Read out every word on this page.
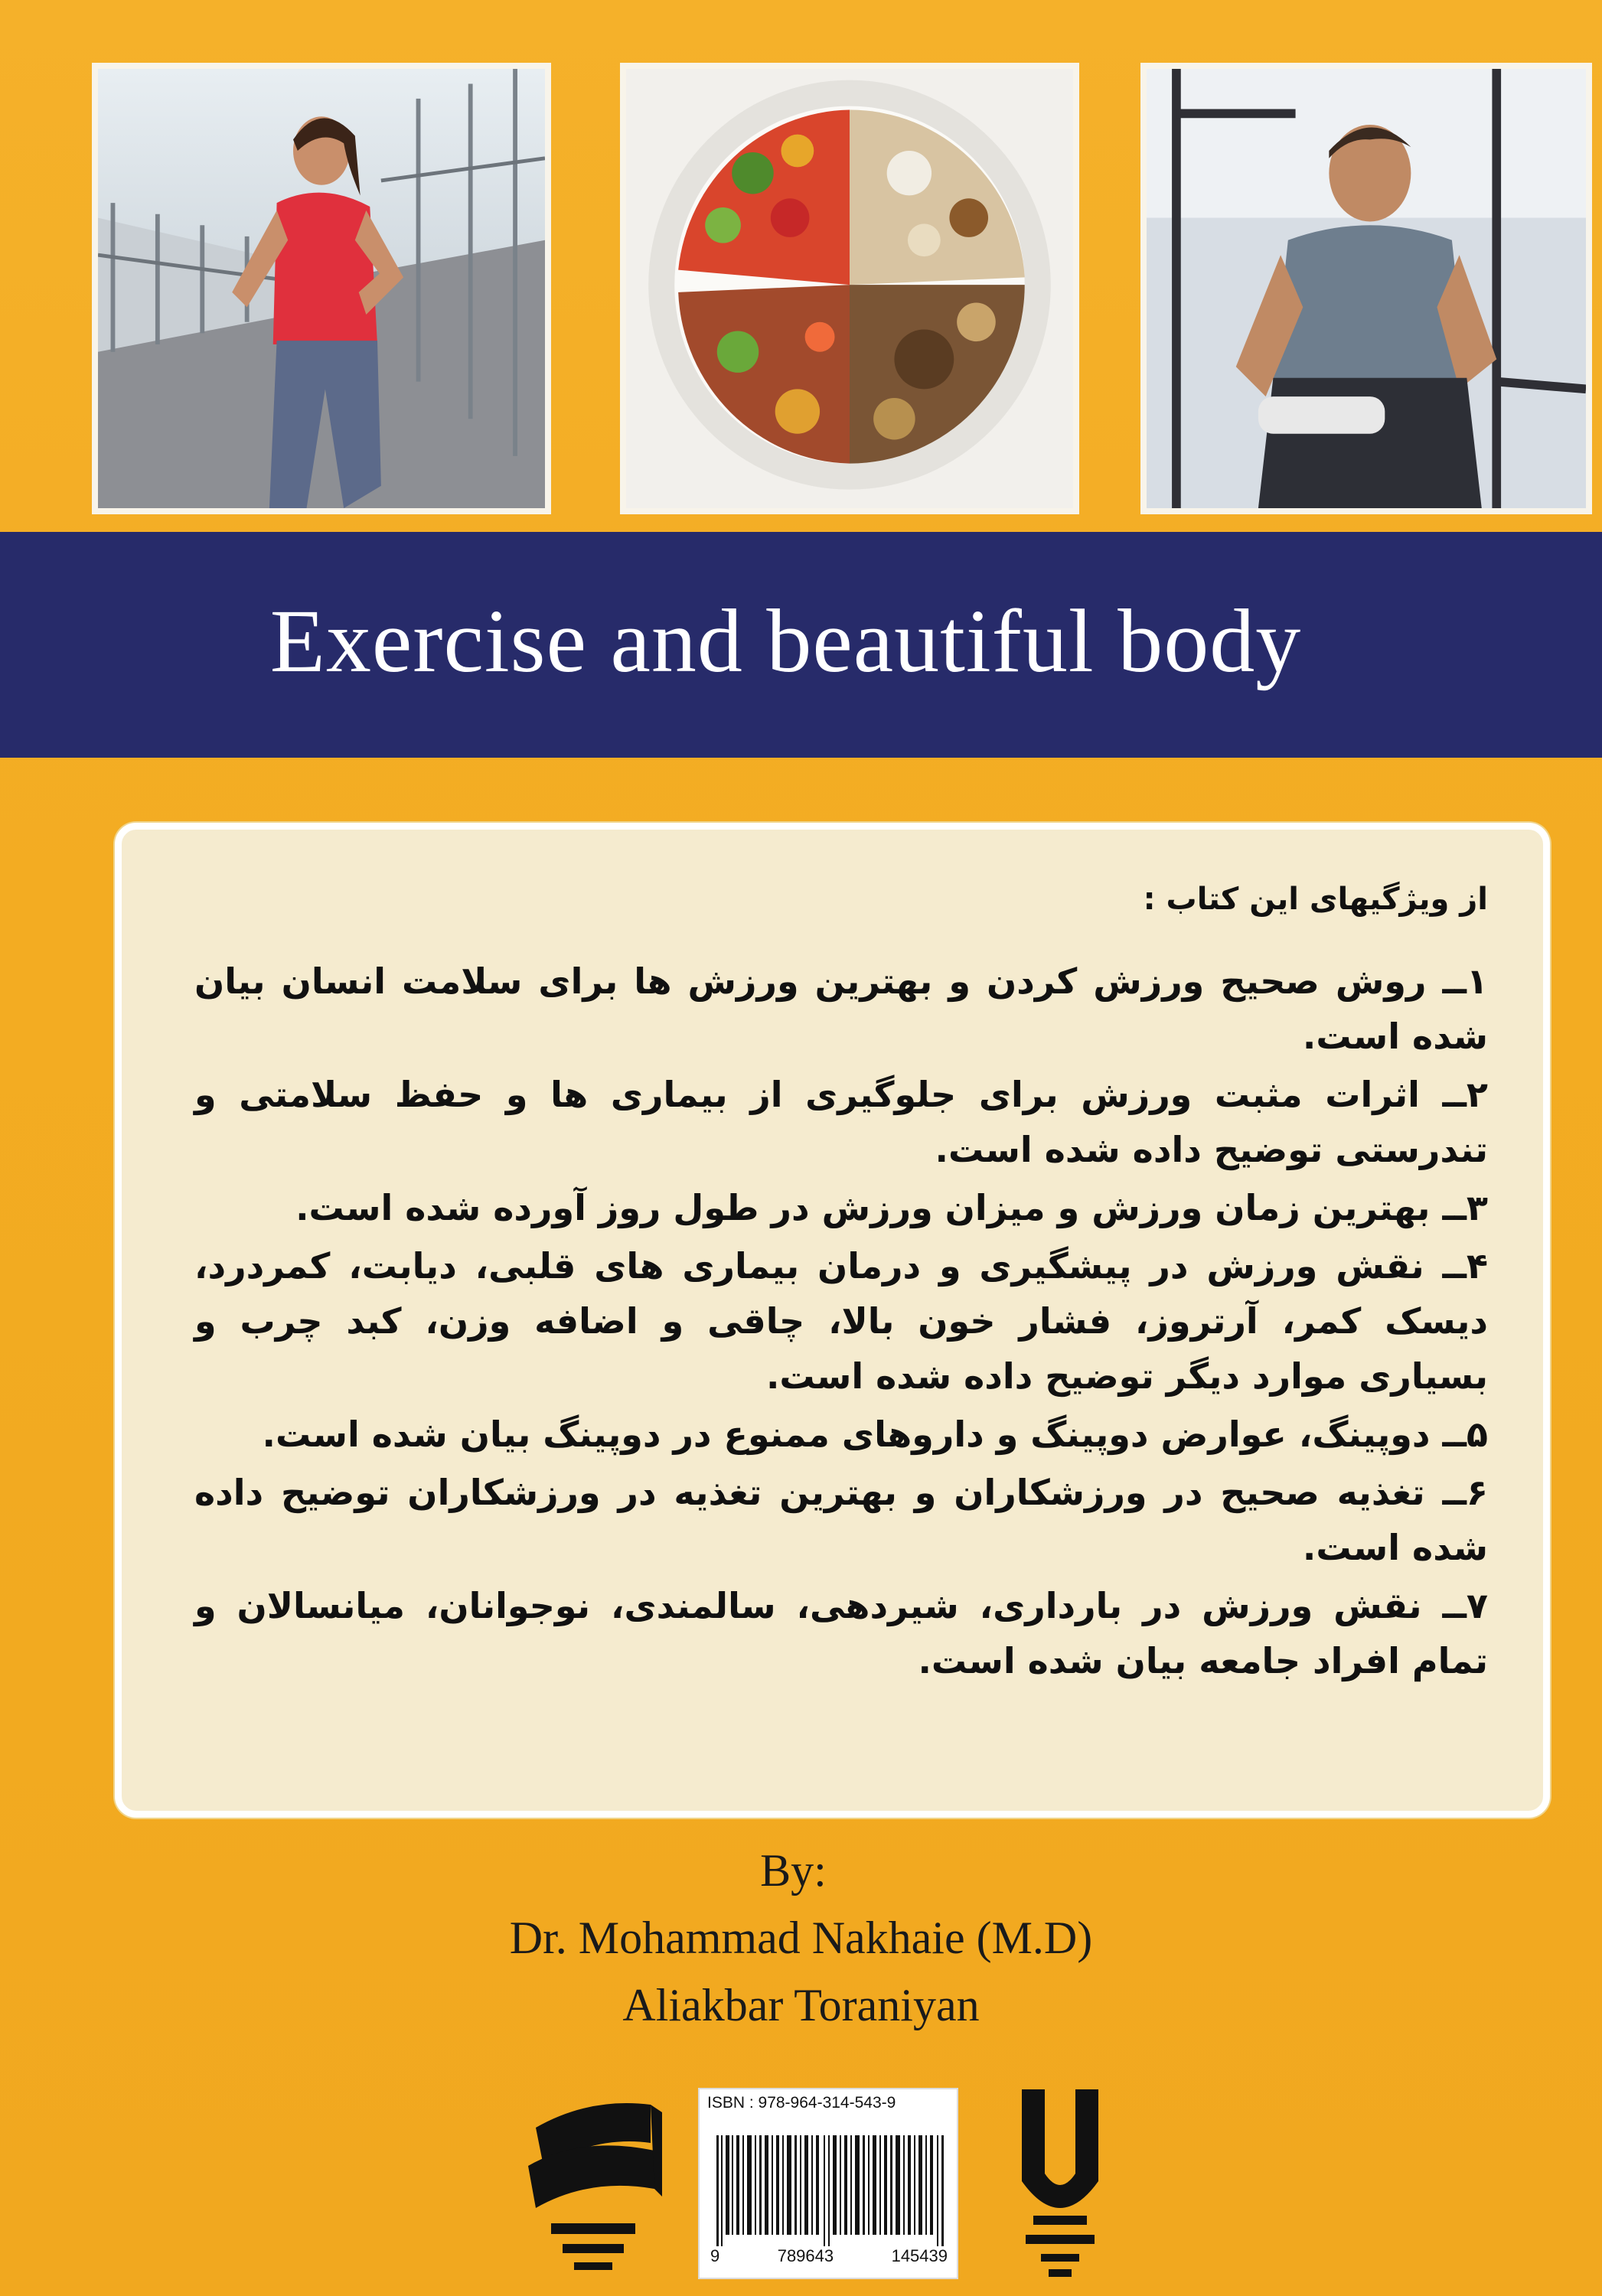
Exercise and beautiful body
از ویژگیهای این کتاب :
۱ــ روش صحیح ورزش کردن و بهترین ورزش ها برای سلامت انسان بیان شده است.
۲ــ اثرات مثبت ورزش برای جلوگیری از بیماری ها و حفظ سلامتی و تندرستی توضیح داده شده است.
۳ــ بهترین زمان ورزش و میزان ورزش در طول روز آورده شده است.
۴ــ نقش ورزش در پیشگیری و درمان بیماری های قلبی، دیابت، کمردرد، دیسک کمر، آرتروز، فشار خون بالا، چاقی و اضافه وزن، کبد چرب و بسیاری موارد دیگر توضیح داده شده است.
۵ــ دوپینگ، عوارض دوپینگ و داروهای ممنوع در دوپینگ بیان شده است.
۶ــ تغذیه صحیح در ورزشکاران و بهترین تغذیه در ورزشکاران توضیح داده شده است.
۷ــ نقش ورزش در بارداری، شیردهی، سالمندی، نوجوانان، میانسالان و تمام افراد جامعه بیان شده است.
By:
Dr. Mohammad Nakhaie (M.D)
Aliakbar Toraniyan
ISBN : 978-964-314-543-9
9	789643	145439
